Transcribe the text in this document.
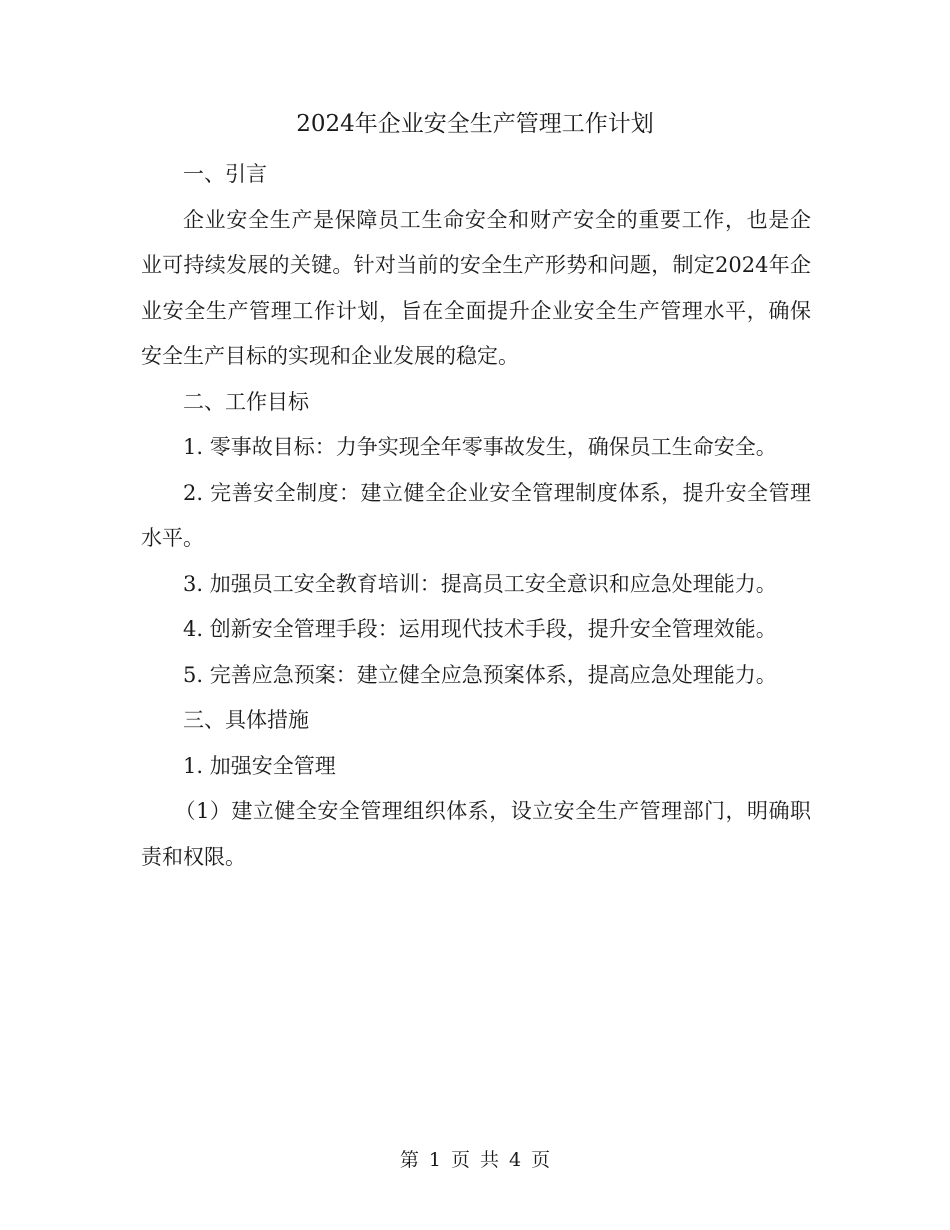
2024年企业安全生产管理工作计划

一、引言

企业安全生产是保障员工生命安全和财产安全的重要工作，也是企业可持续发展的关键。针对当前的安全生产形势和问题，制定2024年企业安全生产管理工作计划，旨在全面提升企业安全生产管理水平，确保安全生产目标的实现和企业发展的稳定。

二、工作目标

1. 零事故目标：力争实现全年零事故发生，确保员工生命安全。

2. 完善安全制度：建立健全企业安全管理制度体系，提升安全管理水平。

3. 加强员工安全教育培训：提高员工安全意识和应急处理能力。

4. 创新安全管理手段：运用现代技术手段，提升安全管理效能。

5. 完善应急预案：建立健全应急预案体系，提高应急处理能力。

三、具体措施

1. 加强安全管理

（1）建立健全安全管理组织体系，设立安全生产管理部门，明确职责和权限。

第 1 页 共 4 页
